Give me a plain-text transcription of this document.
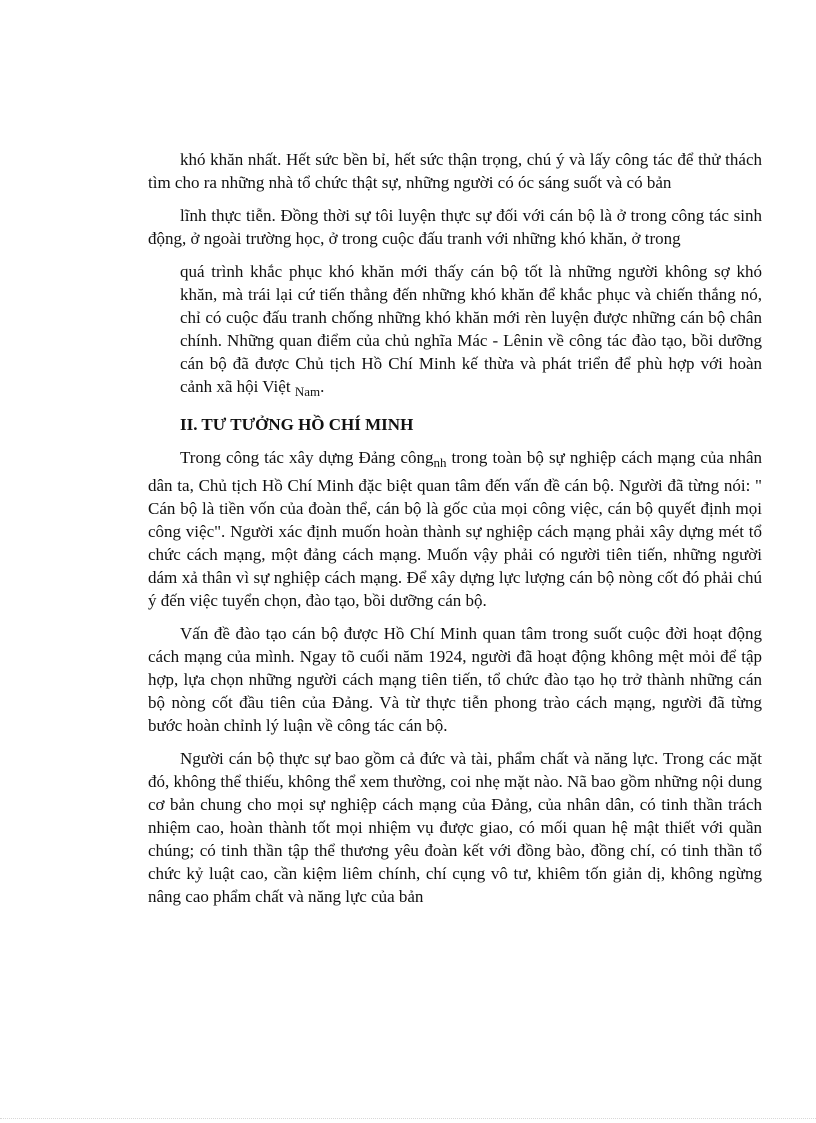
khó khăn nhất. Hết sức bền bỉ, hết sức thận trọng, chú ý và lấy công tác để thử thách tìm cho ra những nhà tổ chức thật sự, những người có óc sáng suốt và có bản

lĩnh thực tiễn. Đồng thời sự tôi luyện thực sự đối với cán bộ là ở trong công tác sinh động, ở ngoài trường học, ở trong cuộc đấu tranh với những khó khăn, ở trong

quá trình khắc phục khó khăn mới thấy cán bộ tốt là những người không sợ khó khăn, mà trái lại cứ tiến thẳng đến những khó khăn để khắc phục và chiến thắng nó, chỉ có cuộc đấu tranh chống những khó khăn mới rèn luyện được những cán bộ chân chính. Những quan điểm của chủ nghĩa Mác - Lênin về công tác đào tạo, bồi dưỡng cán bộ đã được Chủ tịch Hồ Chí Minh kế thừa và phát triển để phù hợp với hoàn cảnh xã hội Việt $_{Nam}$.

II. TƯ TƯỞNG HỒ CHÍ MINH

Trong công tác xây dựng Đảng công$_{nh}$ trong toàn bộ sự nghiệp cách mạng của nhân dân ta, Chủ tịch Hồ Chí Minh đặc biệt quan tâm đến vấn đề cán bộ. Người đã từng nói: " Cán bộ là tiền vốn của đoàn thể, cán bộ là gốc của mọi công việc, cán bộ quyết định mọi công việc". Người xác định muốn hoàn thành sự nghiệp cách mạng phải xây dựng mét tổ chức cách mạng, một đảng cách mạng. Muốn vậy phải có người tiên tiến, những người dám xả thân vì sự nghiệp cách mạng. Để xây dựng lực lượng cán bộ nòng cốt đó phải chú ý đến việc tuyển chọn, đào tạo, bồi dưỡng cán bộ.

Vấn đề đào tạo cán bộ được Hồ Chí Minh quan tâm trong suốt cuộc đời hoạt động cách mạng của mình. Ngay tõ cuối năm 1924, người đã hoạt động không mệt mỏi để tập hợp, lựa chọn những người cách mạng tiên tiến, tổ chức đào tạo họ trở thành những cán bộ nòng cốt đầu tiên của Đảng. Và từ thực tiễn phong trào cách mạng, người đã từng bước hoàn chỉnh lý luận về công tác cán bộ.

Người cán bộ thực sự bao gồm cả đức và tài, phẩm chất và năng lực. Trong các mặt đó, không thể thiếu, không thể xem thường, coi nhẹ mặt nào. Nã bao gồm những nội dung cơ bản chung cho mọi sự nghiệp cách mạng của Đảng, của nhân dân, có tinh thần trách nhiệm cao, hoàn thành tốt mọi nhiệm vụ được giao, có mối quan hệ mật thiết với quần chúng; có tinh thần tập thể thương yêu đoàn kết với đồng bào, đồng chí, có tinh thần tổ chức kỷ luật cao, cần kiệm liêm chính, chí cụng vô tư, khiêm tốn giản dị, không ngừng nâng cao phẩm chất và năng lực của bản
